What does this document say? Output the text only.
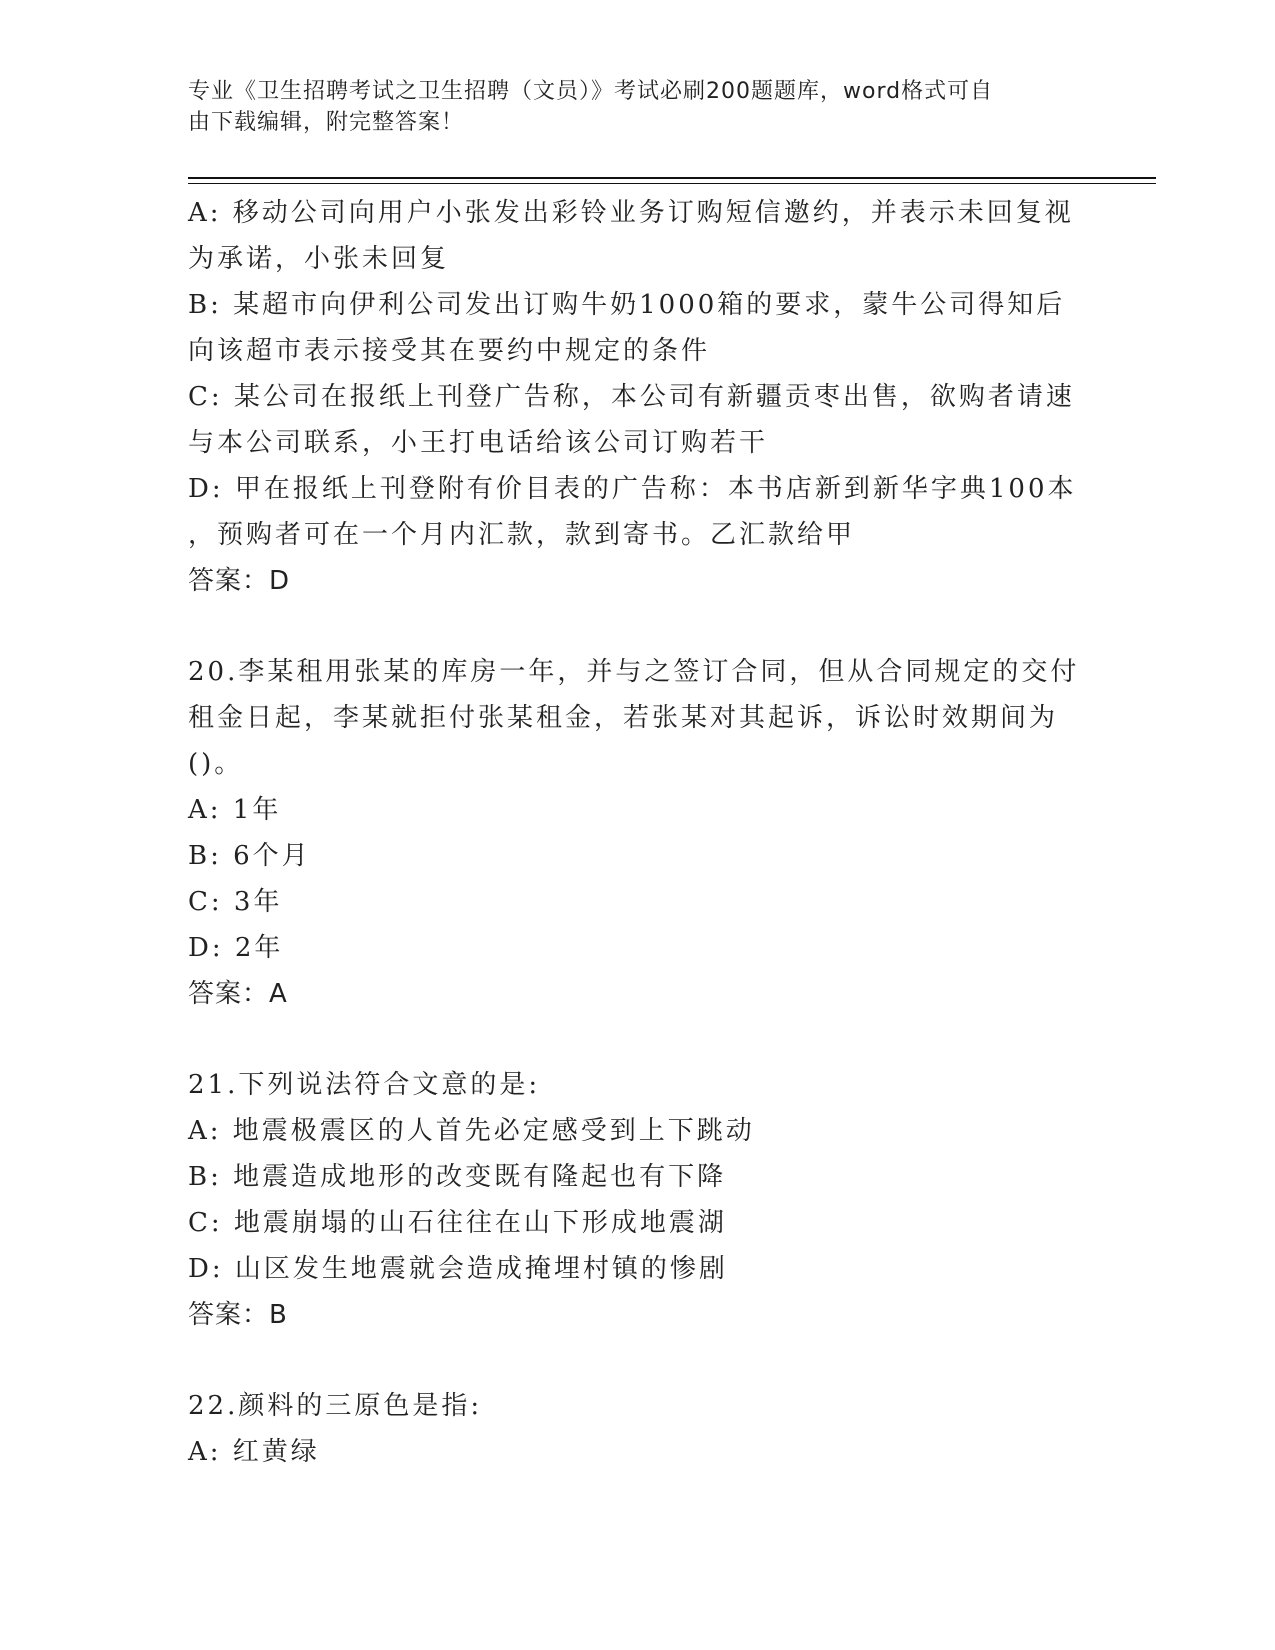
专业《卫生招聘考试之卫生招聘（文员）》考试必刷200题题库，word格式可自
由下载编辑，附完整答案！
A: 移动公司向用户小张发出彩铃业务订购短信邀约，并表示未回复视
为承诺，小张未回复
B: 某超市向伊利公司发出订购牛奶1000箱的要求，蒙牛公司得知后
向该超市表示接受其在要约中规定的条件
C: 某公司在报纸上刊登广告称，本公司有新疆贡枣出售，欲购者请速
与本公司联系，小王打电话给该公司订购若干
D: 甲在报纸上刊登附有价目表的广告称：本书店新到新华字典100本
，预购者可在一个月内汇款，款到寄书。乙汇款给甲
答案：D
20.李某租用张某的库房一年，并与之签订合同，但从合同规定的交付
租金日起，李某就拒付张某租金，若张某对其起诉，诉讼时效期间为
()。
A: 1年
B: 6个月
C: 3年
D: 2年
答案：A
21.下列说法符合文意的是:
A: 地震极震区的人首先必定感受到上下跳动
B: 地震造成地形的改变既有隆起也有下降
C: 地震崩塌的山石往往在山下形成地震湖
D: 山区发生地震就会造成掩埋村镇的惨剧
答案：B
22.颜料的三原色是指:
A: 红黄绿
